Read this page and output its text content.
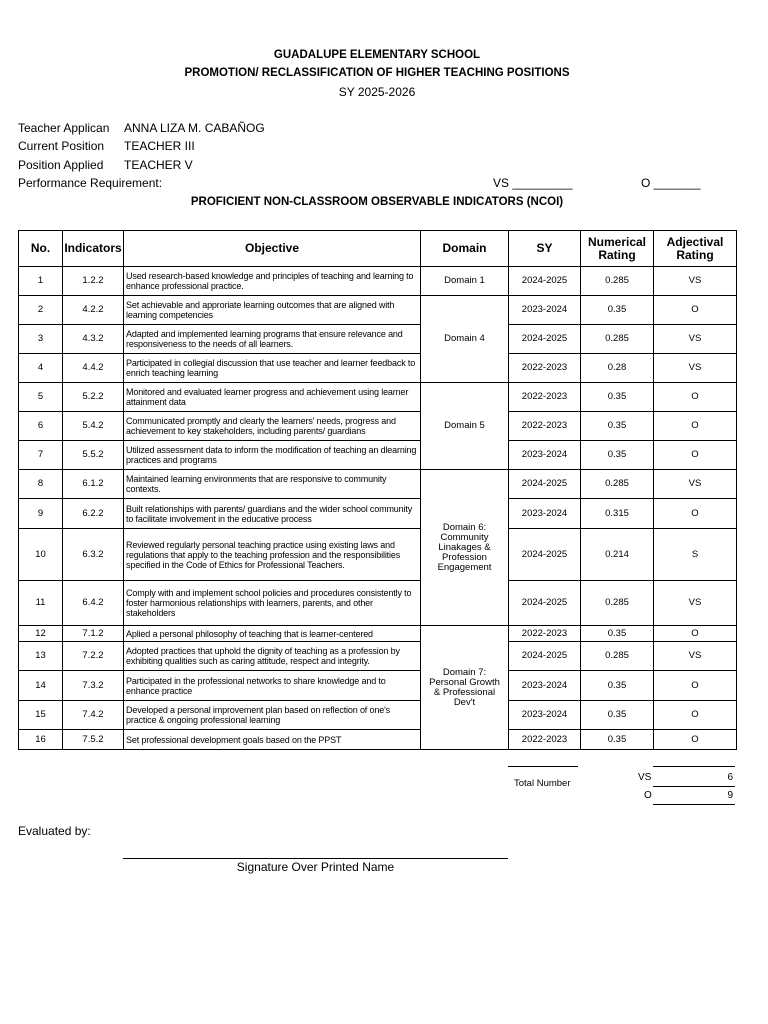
GUADALUPE ELEMENTARY SCHOOL
PROMOTION/ RECLASSIFICATION OF HIGHER TEACHING POSITIONS
SY 2025-2026
Teacher Applican ANNA LIZA M. CABAÑOG
Current Position TEACHER III
Position Applied TEACHER V
Performance Requirement:	VS _________	O _______
PROFICIENT NON-CLASSROOM OBSERVABLE INDICATORS (NCOI)
No.	Indicators	Objective	Domain	SY	Numerical Rating	Adjectival Rating
1	1.2.2	Used research-based knowledge and principles of teaching and learning to enhance professional practice.	Domain 1	2024-2025	0.285	VS
2	4.2.2	Set achievable and approriate learning outcomes that are aligned with learning competencies	Domain 4	2023-2024	0.35	O
3	4.3.2	Adapted and implemented learning programs that ensure relevance and responsiveness to the needs of all learners.		2024-2025	0.285	VS
4	4.4.2	Participated in collegial discussion that use teacher and learner feedback to enrich teaching learning		2022-2023	0.28	VS
5	5.2.2	Monitored and evaluated learner progress and achievement using learner attainment data	Domain 5	2022-2023	0.35	O
6	5.4.2	Communicated promptly and clearly the learners' needs, progress and achievement to key stakeholders, including parents/ guardians		2022-2023	0.35	O
7	5.5.2	Utilized assessment data to inform the modification of teaching an dlearning practices and programs		2023-2024	0.35	O
8	6.1.2	Maintained learning environments that are responsive to community contexts.	Domain 6: Community Linakages & Profession Engagement	2024-2025	0.285	VS
9	6.2.2	Built relationships with parents/ guardians and the wider school community to facilitate involvement in the educative process		2023-2024	0.315	O
10	6.3.2	Reviewed regularly personal teaching practice using existing laws and regulations that apply to the teaching profession and the responsibilities specified in the Code of Ethics for Professional Teachers.		2024-2025	0.214	S
11	6.4.2	Comply with and implement school policies and procedures consistently to foster harmonious relationships with learners, parents, and other stakeholders		2024-2025	0.285	VS
12	7.1.2	Aplied a personal philosophy of teaching that is learner-centered	Domain 7: Personal Growth & Professional Dev't	2022-2023	0.35	O
13	7.2.2	Adopted practices that uphold the dignity of teaching as a profession by exhibiting qualities such as caring attitude, respect and integrity.		2024-2025	0.285	VS
14	7.3.2	Participated in the professional networks to share knowledge and to enhance practice		2023-2024	0.35	O
15	7.4.2	Developed a personal improvement plan based on reflection of one's practice & ongoing professional learning		2023-2024	0.35	O
16	7.5.2	Set professional development goals based on the PPST		2022-2023	0.35	O
Total Number
VS	6
O	9
Evaluated by:
Signature Over Printed Name
